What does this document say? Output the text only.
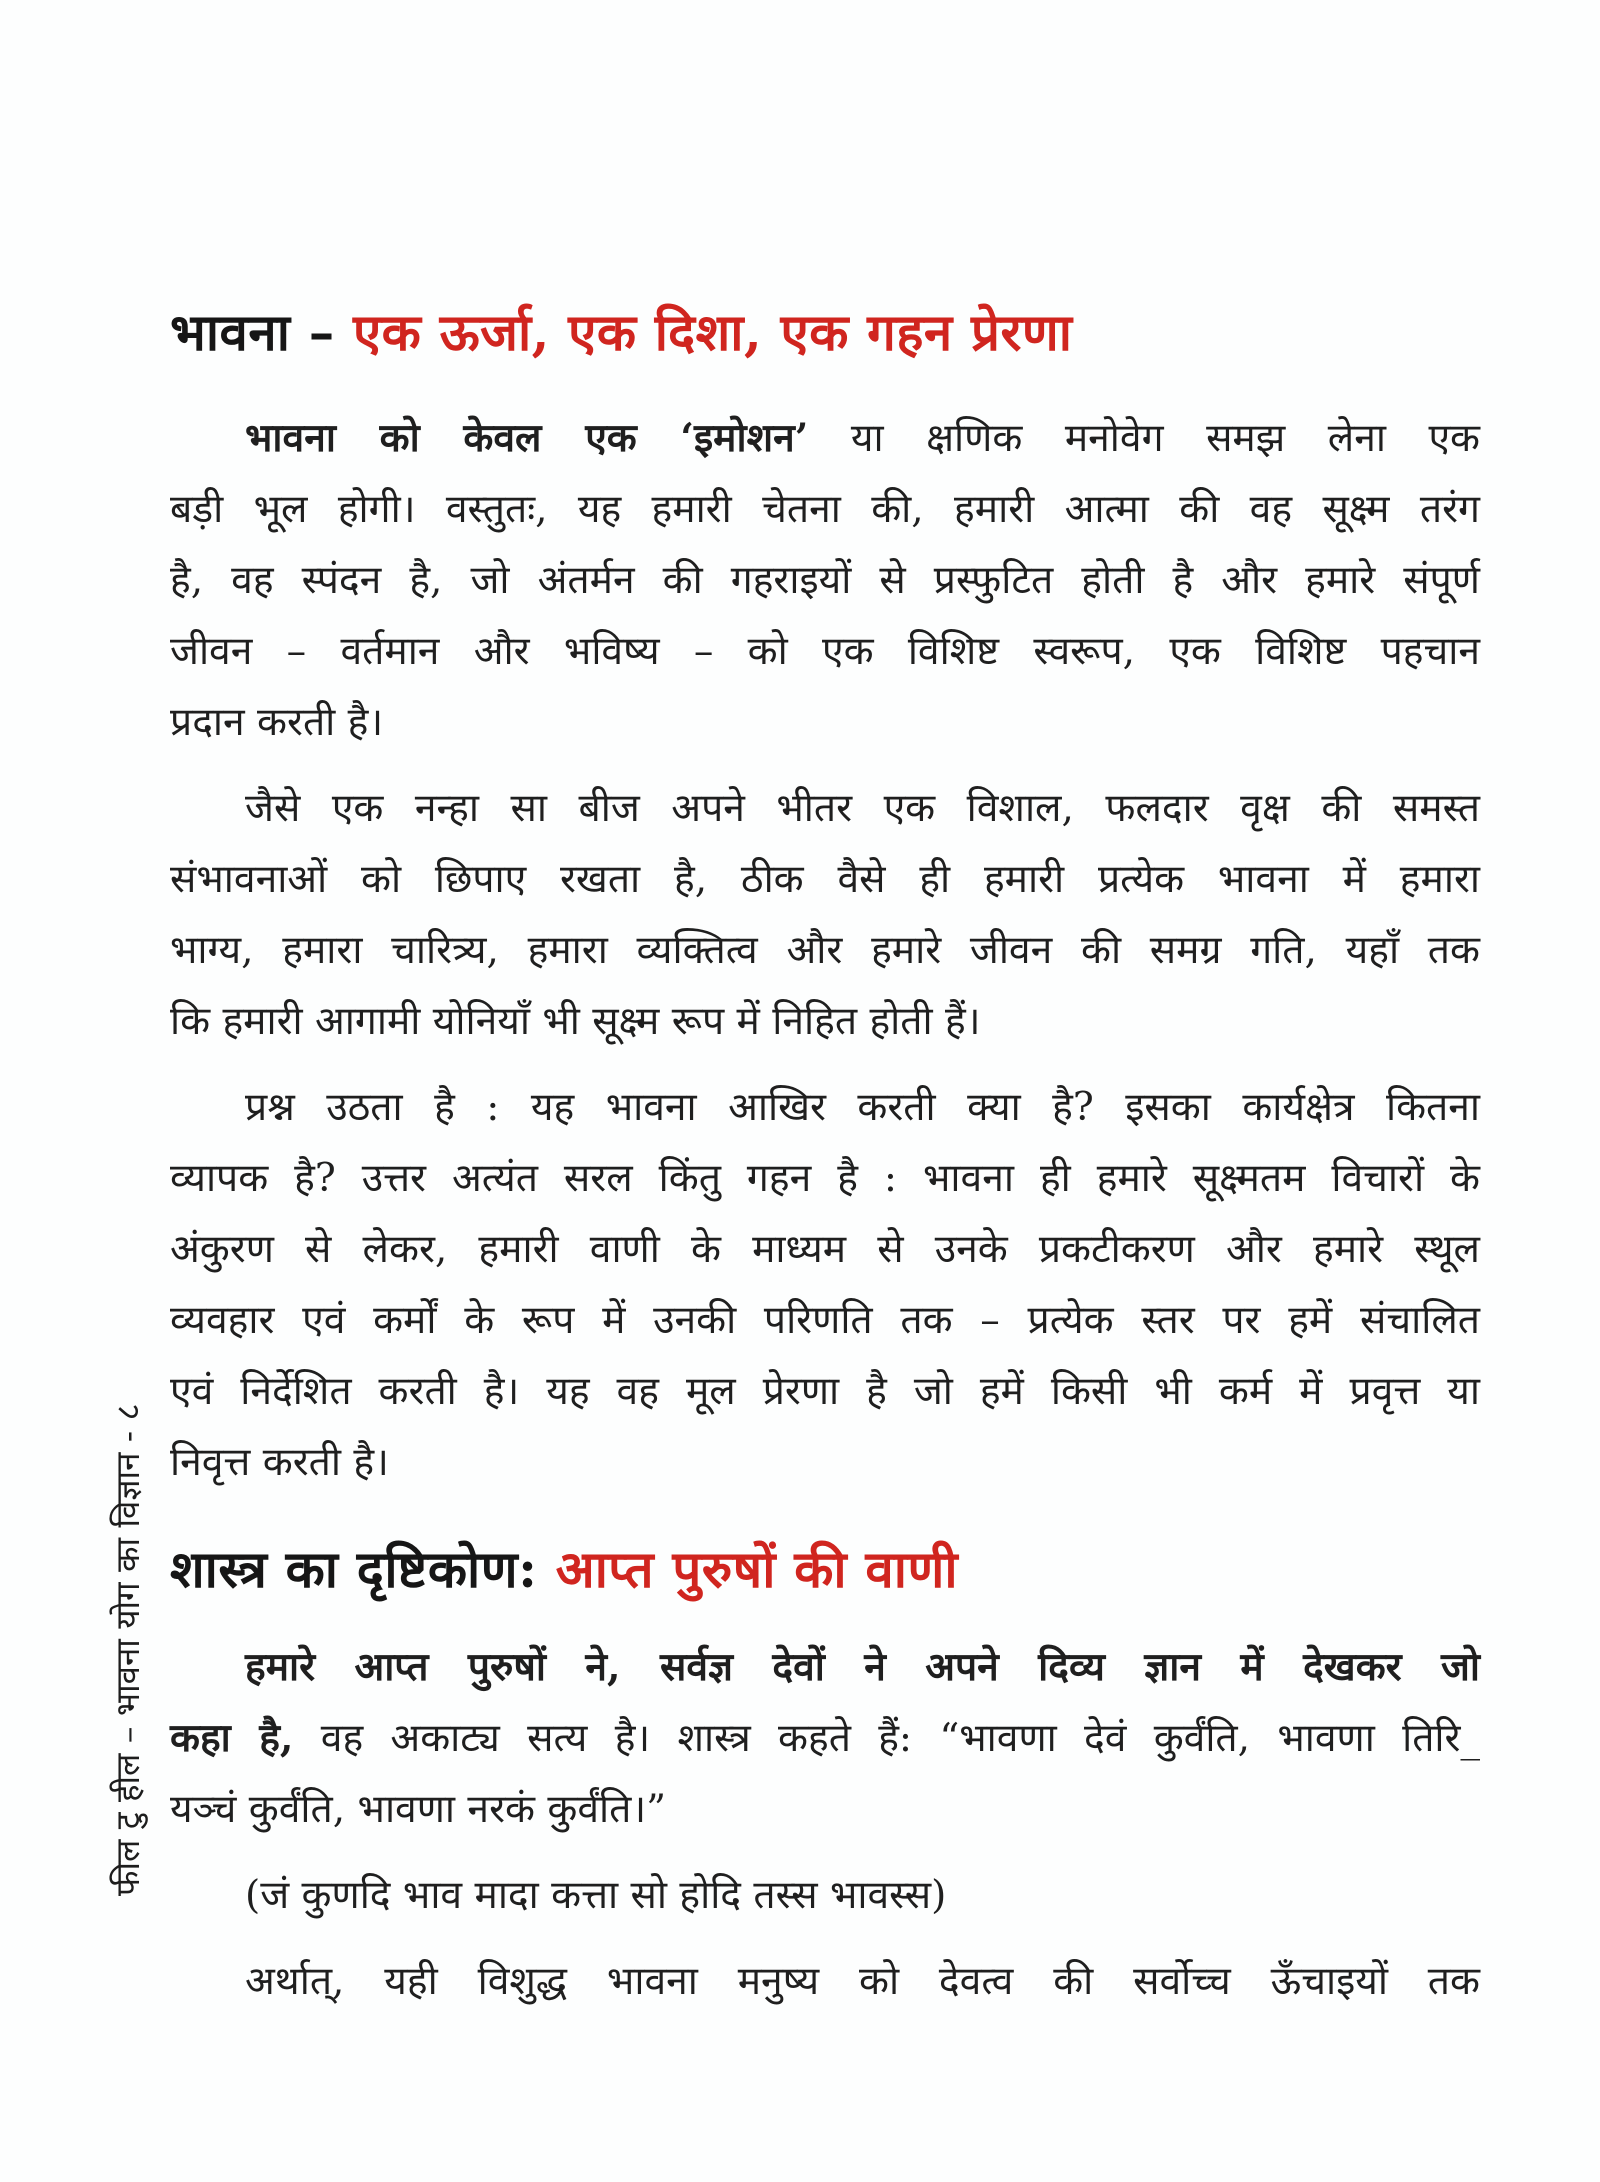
फील टु हील – भावना योग का विज्ञान - ८
भावना – एक ऊर्जा, एक दिशा, एक गहन प्रेरणा
भावना को केवल एक ‘इमोशन’ या क्षणिक मनोवेग समझ लेना एक
बड़ी भूल होगी। वस्तुतः, यह हमारी चेतना की, हमारी आत्मा की वह सूक्ष्म तरंग
है, वह स्पंदन है, जो अंतर्मन की गहराइयों से प्रस्फुटित होती है और हमारे संपूर्ण
जीवन – वर्तमान और भविष्य – को एक विशिष्ट स्वरूप, एक विशिष्ट पहचान
प्रदान करती है।
जैसे एक नन्हा सा बीज अपने भीतर एक विशाल, फलदार वृक्ष की समस्त
संभावनाओं को छिपाए रखता है, ठीक वैसे ही हमारी प्रत्येक भावना में हमारा
भाग्य, हमारा चारित्र्य, हमारा व्यक्तित्व और हमारे जीवन की समग्र गति, यहाँ तक
कि हमारी आगामी योनियाँ भी सूक्ष्म रूप में निहित होती हैं।
प्रश्न उठता है : यह भावना आखिर करती क्या है? इसका कार्यक्षेत्र कितना
व्यापक है? उत्तर अत्यंत सरल किंतु गहन है : भावना ही हमारे सूक्ष्मतम विचारों के
अंकुरण से लेकर, हमारी वाणी के माध्यम से उनके प्रकटीकरण और हमारे स्थूल
व्यवहार एवं कर्मों के रूप में उनकी परिणति तक – प्रत्येक स्तर पर हमें संचालित
एवं निर्देशित करती है। यह वह मूल प्रेरणा है जो हमें किसी भी कर्म में प्रवृत्त या
निवृत्त करती है।
शास्त्र का दृष्टिकोण: आप्त पुरुषों की वाणी
हमारे आप्त पुरुषों ने, सर्वज्ञ देवों ने अपने दिव्य ज्ञान में देखकर जो
कहा है, वह अकाट्य सत्य है। शास्त्र कहते हैं: “भावणा देवं कुर्वंति, भावणा तिरि_
यञ्चं कुर्वंति, भावणा नरकं कुर्वंति।”
(जं कुणदि भाव मादा कत्ता सो होदि तस्स भावस्स)
अर्थात्, यही विशुद्ध भावना मनुष्य को देवत्व की सर्वोच्च ऊँचाइयों तक
